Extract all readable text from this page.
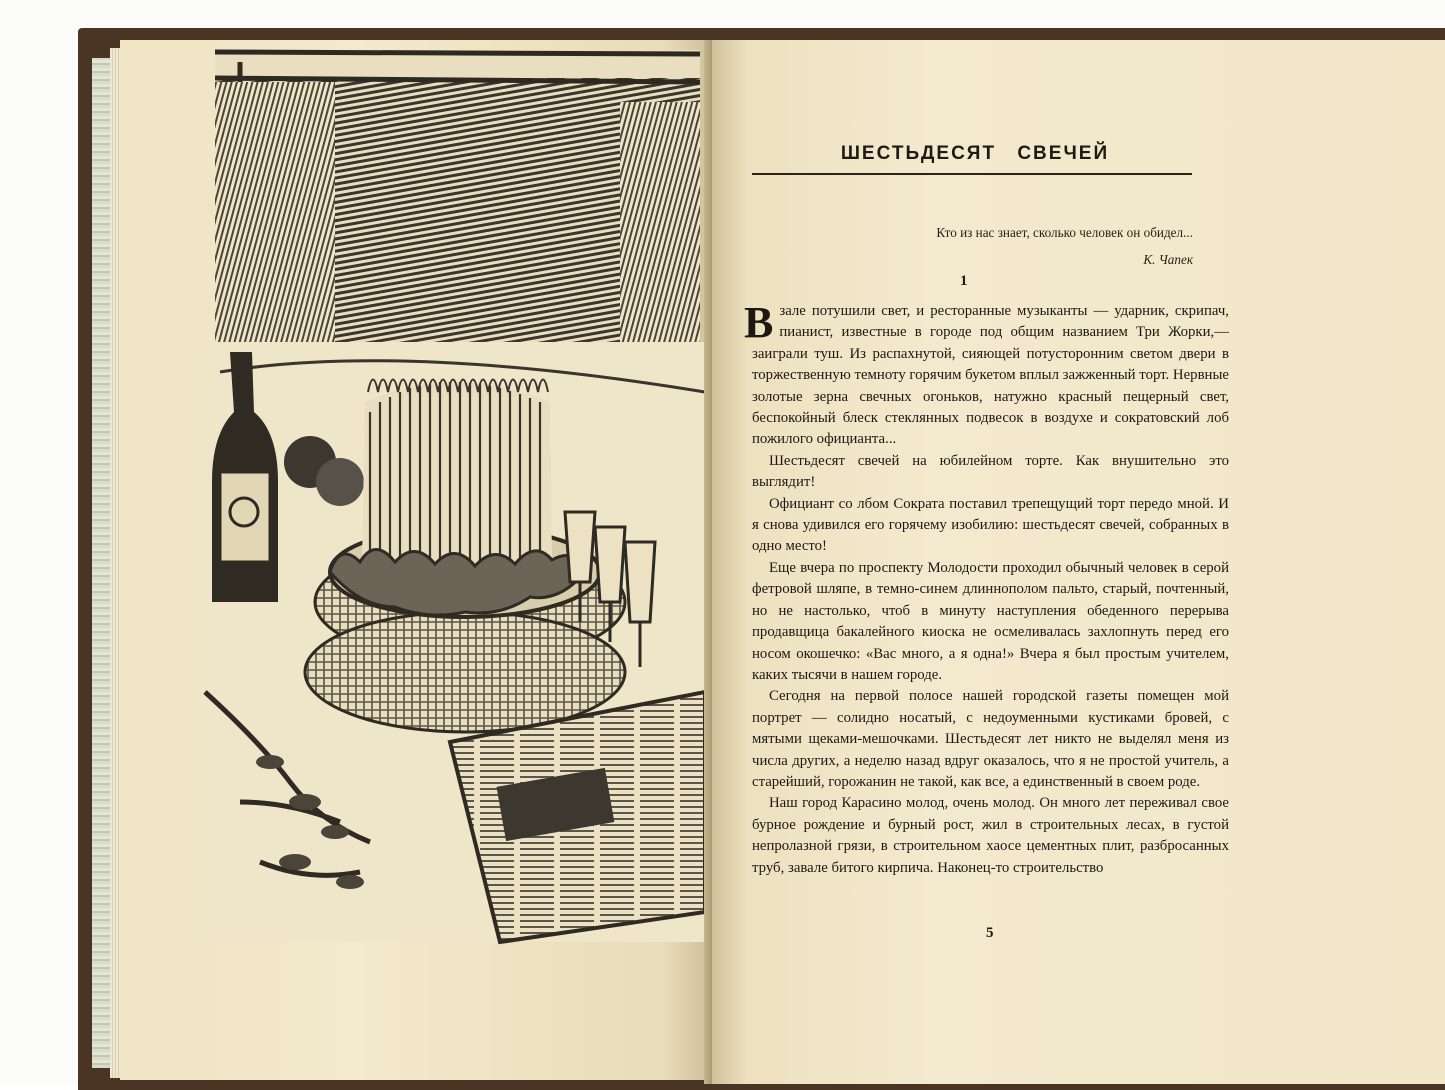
ШЕСТЬДЕСЯТ СВЕЧЕЙ
Кто из нас знает, сколько человек он обидел...
К. Чапек
1

В зале потушили свет, и ресторанные музыканты — ударник, скрипач, пианист, известные в городе под общим названием Три Жорки,— заиграли туш. Из распахнутой, сияющей потусторонним светом двери в торжественную темноту горячим букетом вплыл зажженный торт. Нервные золотые зерна свечных огоньков, натужно красный пещерный свет, беспокойный блеск стеклянных подвесок в воздухе и сократовский лоб пожилого официанта...

Шестьдесят свечей на юбилейном торте. Как внушительно это выглядит!

Официант со лбом Сократа поставил трепещущий торт передо мной. И я снова удивился его горячему изобилию: шестьдесят свечей, собранных в одно место!

Еще вчера по проспекту Молодости проходил обычный человек в серой фетровой шляпе, в темно-синем длиннополом пальто, старый, почтенный, но не настолько, чтоб в минуту наступления обеденного перерыва продавщица бакалейного киоска не осмеливалась захлопнуть перед его носом окошечко: «Вас много, а я одна!» Вчера я был простым учителем, каких тысячи в нашем городе.

Сегодня на первой полосе нашей городской газеты помещен мой портрет — солидно носатый, с недоуменными кустиками бровей, с мятыми щеками-мешочками. Шестьдесят лет никто не выделял меня из числа других, а неделю назад вдруг оказалось, что я не простой учитель, а старейший, горожанин не такой, как все, а единственный в своем роде.

Наш город Карасино молод, очень молод. Он много лет переживал свое бурное рождение и бурный рост, жил в строительных лесах, в густой непролазной грязи, в строительном хаосе цементных плит, разбросанных труб, завале битого кирпича. Наконец-то строительство

5
